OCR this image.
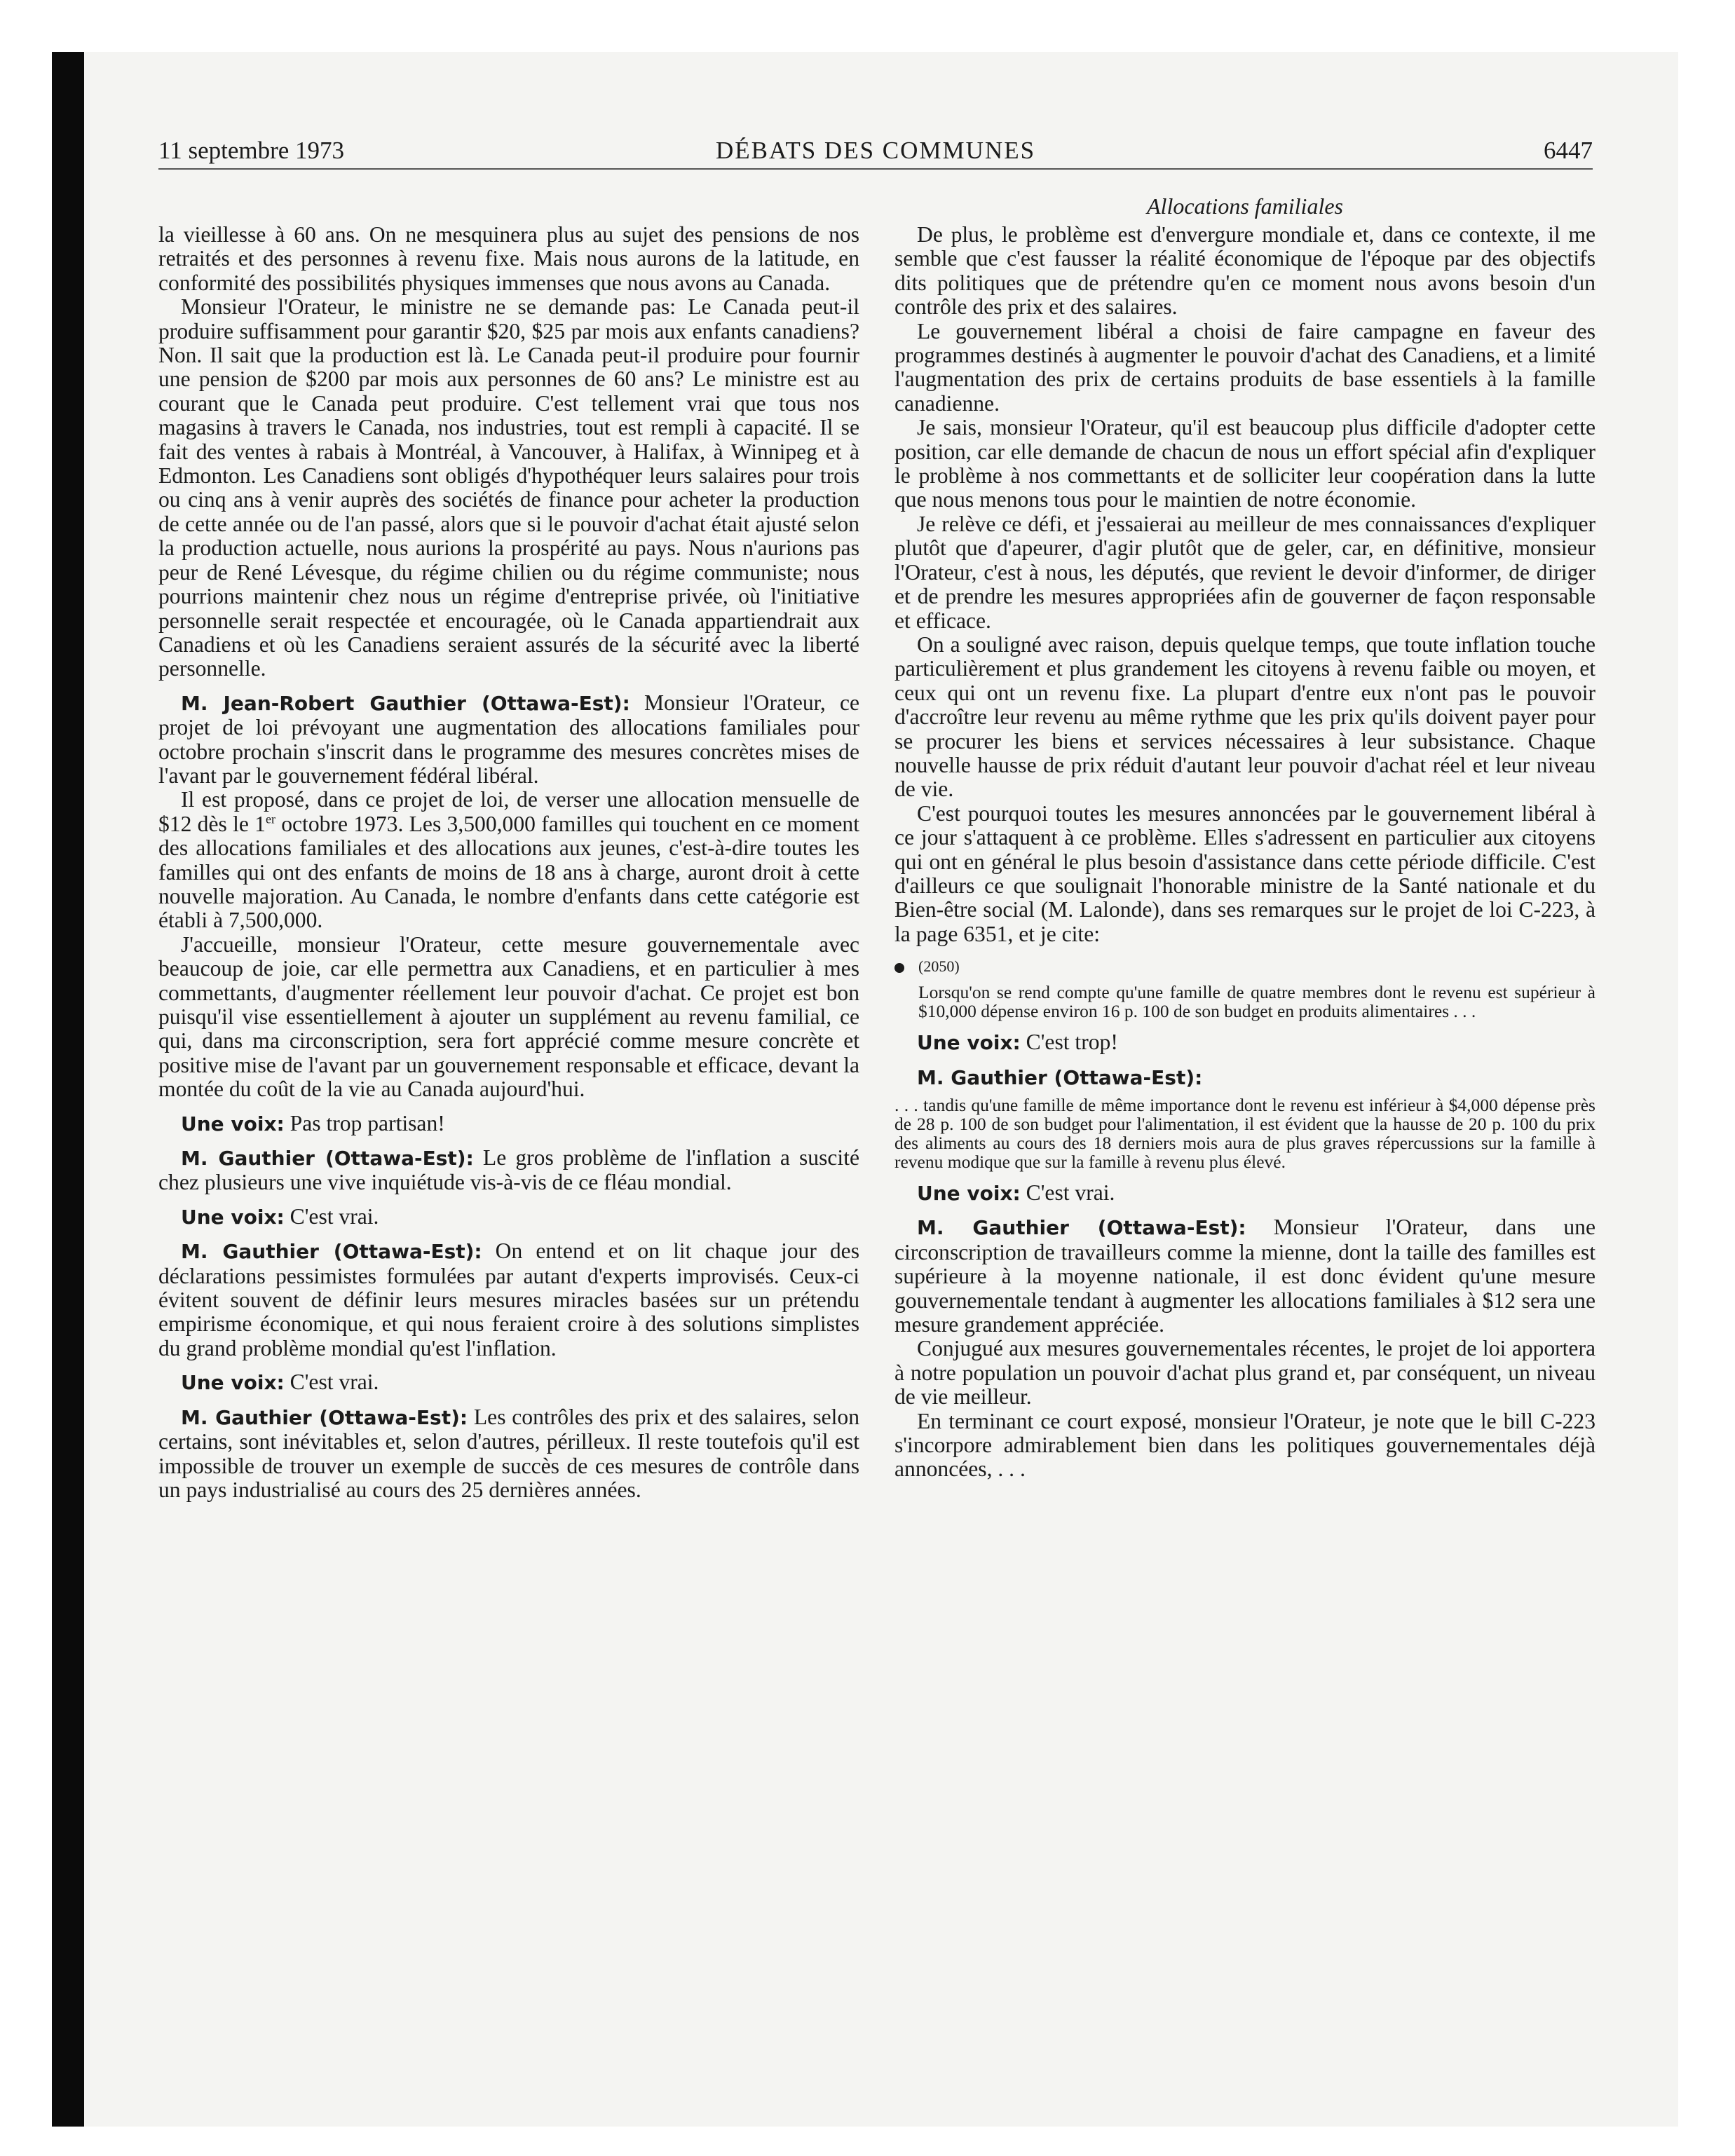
11 septembre 1973	DÉBATS DES COMMUNES	6447

la vieillesse à 60 ans. On ne mesquinera plus au sujet des pensions de nos retraités et des personnes à revenu fixe. Mais nous aurons de la latitude, en conformité des possibilités physiques immenses que nous avons au Canada.

Monsieur l'Orateur, le ministre ne se demande pas: Le Canada peut-il produire suffisamment pour garantir $20, $25 par mois aux enfants canadiens? Non. Il sait que la production est là. Le Canada peut-il produire pour fournir une pension de $200 par mois aux personnes de 60 ans? Le ministre est au courant que le Canada peut produire. C'est tellement vrai que tous nos magasins à travers le Canada, nos industries, tout est rempli à capacité. Il se fait des ventes à rabais à Montréal, à Vancouver, à Halifax, à Winnipeg et à Edmonton. Les Canadiens sont obligés d'hypothéquer leurs salaires pour trois ou cinq ans à venir auprès des sociétés de finance pour acheter la production de cette année ou de l'an passé, alors que si le pouvoir d'achat était ajusté selon la production actuelle, nous aurions la prospérité au pays. Nous n'aurions pas peur de René Lévesque, du régime chilien ou du régime communiste; nous pourrions maintenir chez nous un régime d'entreprise privée, où l'initiative personnelle serait respectée et encouragée, où le Canada appartiendrait aux Canadiens et où les Canadiens seraient assurés de la sécurité avec la liberté personnelle.

M. Jean-Robert Gauthier (Ottawa-Est): Monsieur l'Orateur, ce projet de loi prévoyant une augmentation des allocations familiales pour octobre prochain s'inscrit dans le programme des mesures concrètes mises de l'avant par le gouvernement fédéral libéral.

Il est proposé, dans ce projet de loi, de verser une allocation mensuelle de $12 dès le 1er octobre 1973. Les 3,500,000 familles qui touchent en ce moment des allocations familiales et des allocations aux jeunes, c'est-à-dire toutes les familles qui ont des enfants de moins de 18 ans à charge, auront droit à cette nouvelle majoration. Au Canada, le nombre d'enfants dans cette catégorie est établi à 7,500,000.

J'accueille, monsieur l'Orateur, cette mesure gouvernementale avec beaucoup de joie, car elle permettra aux Canadiens, et en particulier à mes commettants, d'augmenter réellement leur pouvoir d'achat. Ce projet est bon puisqu'il vise essentiellement à ajouter un supplément au revenu familial, ce qui, dans ma circonscription, sera fort apprécié comme mesure concrète et positive mise de l'avant par un gouvernement responsable et efficace, devant la montée du coût de la vie au Canada aujourd'hui.

Une voix: Pas trop partisan!

M. Gauthier (Ottawa-Est): Le gros problème de l'inflation a suscité chez plusieurs une vive inquiétude vis-à-vis de ce fléau mondial.

Une voix: C'est vrai.

M. Gauthier (Ottawa-Est): On entend et on lit chaque jour des déclarations pessimistes formulées par autant d'experts improvisés. Ceux-ci évitent souvent de définir leurs mesures miracles basées sur un prétendu empirisme économique, et qui nous feraient croire à des solutions simplistes du grand problème mondial qu'est l'inflation.

Une voix: C'est vrai.

M. Gauthier (Ottawa-Est): Les contrôles des prix et des salaires, selon certains, sont inévitables et, selon d'autres, périlleux. Il reste toutefois qu'il est impossible de trouver un exemple de succès de ces mesures de contrôle dans un pays industrialisé au cours des 25 dernières années.

Allocations familiales

De plus, le problème est d'envergure mondiale et, dans ce contexte, il me semble que c'est fausser la réalité économique de l'époque par des objectifs dits politiques que de prétendre qu'en ce moment nous avons besoin d'un contrôle des prix et des salaires.

Le gouvernement libéral a choisi de faire campagne en faveur des programmes destinés à augmenter le pouvoir d'achat des Canadiens, et a limité l'augmentation des prix de certains produits de base essentiels à la famille canadienne.

Je sais, monsieur l'Orateur, qu'il est beaucoup plus difficile d'adopter cette position, car elle demande de chacun de nous un effort spécial afin d'expliquer le problème à nos commettants et de solliciter leur coopération dans la lutte que nous menons tous pour le maintien de notre économie.

Je relève ce défi, et j'essaierai au meilleur de mes connaissances d'expliquer plutôt que d'apeurer, d'agir plutôt que de geler, car, en définitive, monsieur l'Orateur, c'est à nous, les députés, que revient le devoir d'informer, de diriger et de prendre les mesures appropriées afin de gouverner de façon responsable et efficace.

On a souligné avec raison, depuis quelque temps, que toute inflation touche particulièrement et plus grandement les citoyens à revenu faible ou moyen, et ceux qui ont un revenu fixe. La plupart d'entre eux n'ont pas le pouvoir d'accroître leur revenu au même rythme que les prix qu'ils doivent payer pour se procurer les biens et services nécessaires à leur subsistance. Chaque nouvelle hausse de prix réduit d'autant leur pouvoir d'achat réel et leur niveau de vie.

C'est pourquoi toutes les mesures annoncées par le gouvernement libéral à ce jour s'attaquent à ce problème. Elles s'adressent en particulier aux citoyens qui ont en général le plus besoin d'assistance dans cette période difficile. C'est d'ailleurs ce que soulignait l'honorable ministre de la Santé nationale et du Bien-être social (M. Lalonde), dans ses remarques sur le projet de loi C-223, à la page 6351, et je cite:

(2050)

Lorsqu'on se rend compte qu'une famille de quatre membres dont le revenu est supérieur à $10,000 dépense environ 16 p. 100 de son budget en produits alimentaires . . .

Une voix: C'est trop!

M. Gauthier (Ottawa-Est):

. . . tandis qu'une famille de même importance dont le revenu est inférieur à $4,000 dépense près de 28 p. 100 de son budget pour l'alimentation, il est évident que la hausse de 20 p. 100 du prix des aliments au cours des 18 derniers mois aura de plus graves répercussions sur la famille à revenu modique que sur la famille à revenu plus élevé.

Une voix: C'est vrai.

M. Gauthier (Ottawa-Est): Monsieur l'Orateur, dans une circonscription de travailleurs comme la mienne, dont la taille des familles est supérieure à la moyenne nationale, il est donc évident qu'une mesure gouvernementale tendant à augmenter les allocations familiales à $12 sera une mesure grandement appréciée.

Conjugué aux mesures gouvernementales récentes, le projet de loi apportera à notre population un pouvoir d'achat plus grand et, par conséquent, un niveau de vie meilleur.

En terminant ce court exposé, monsieur l'Orateur, je note que le bill C-223 s'incorpore admirablement bien dans les politiques gouvernementales déjà annoncées, . . .
